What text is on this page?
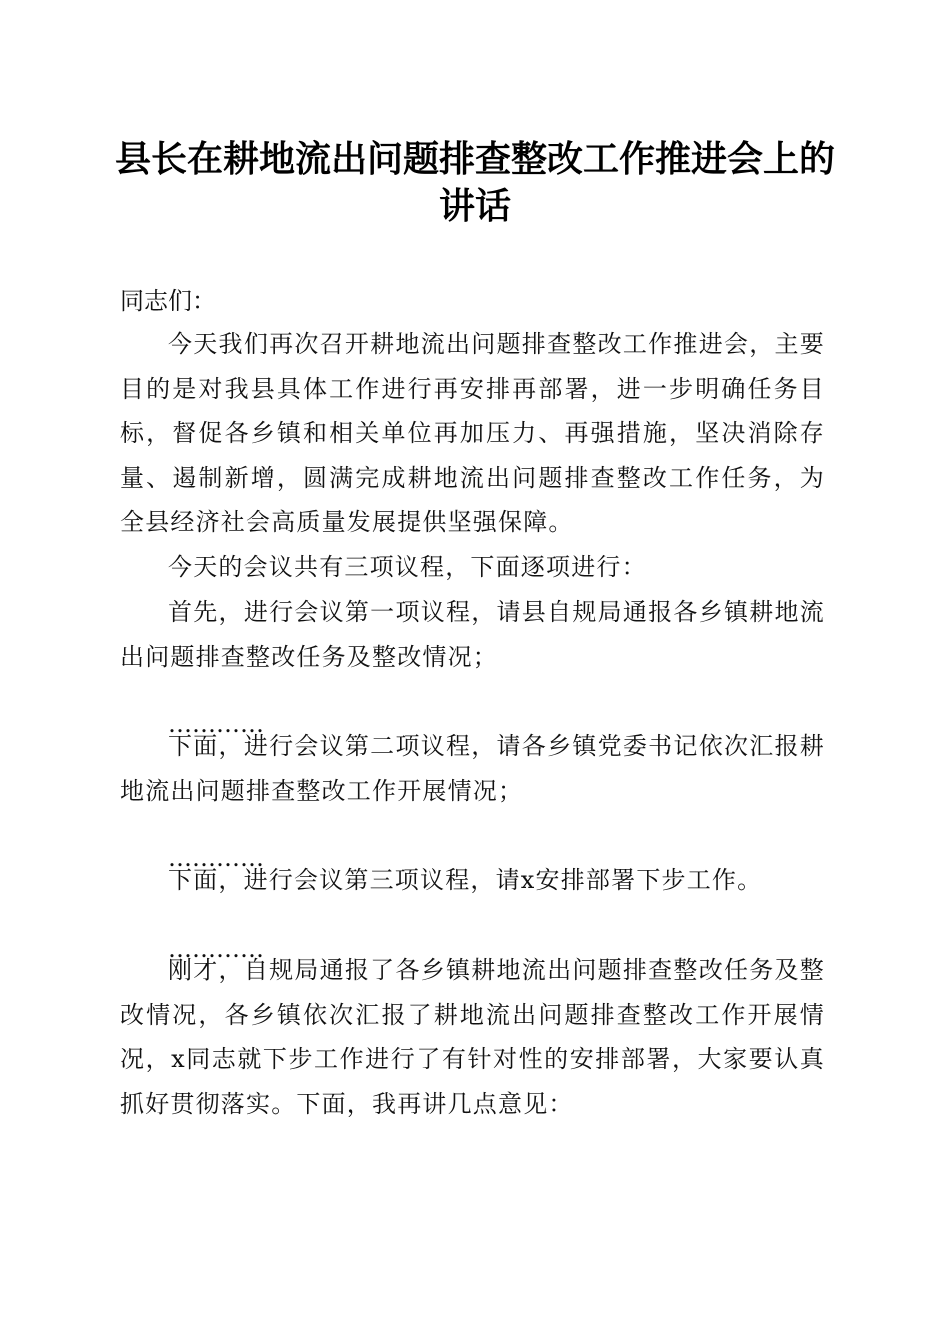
县长在耕地流出问题排查整改工作推进会上的
讲话
同志们：

今天我们再次召开耕地流出问题排查整改工作推进会，主要目的是对我县具体工作进行再安排再部署，进一步明确任务目标，督促各乡镇和相关单位再加压力、再强措施，坚决消除存量、遏制新增，圆满完成耕地流出问题排查整改工作任务，为全县经济社会高质量发展提供坚强保障。

今天的会议共有三项议程，下面逐项进行：

首先，进行会议第一项议程，请县自规局通报各乡镇耕地流出问题排查整改任务及整改情况；

…………

下面，进行会议第二项议程，请各乡镇党委书记依次汇报耕地流出问题排查整改工作开展情况；

…………

下面，进行会议第三项议程，请x安排部署下步工作。

…………

刚才，自规局通报了各乡镇耕地流出问题排查整改任务及整改情况，各乡镇依次汇报了耕地流出问题排查整改工作开展情况，x同志就下步工作进行了有针对性的安排部署，大家要认真抓好贯彻落实。下面，我再讲几点意见：
